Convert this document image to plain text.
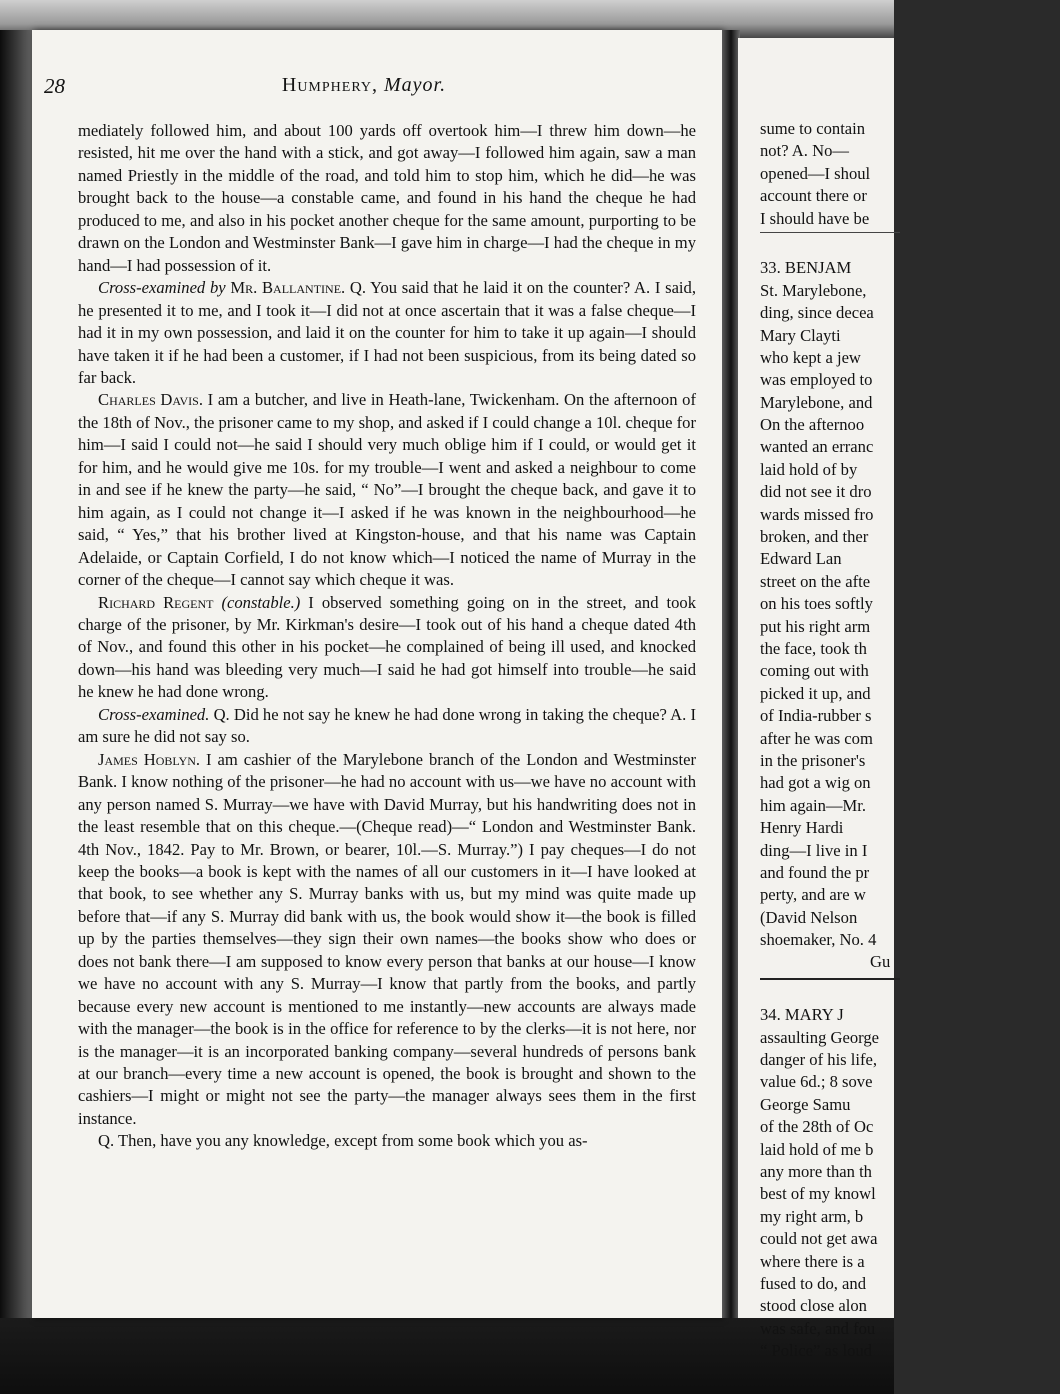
28	Humphery, Mayor.

mediately followed him, and about 100 yards off overtook him—I threw him down—he resisted, hit me over the hand with a stick, and got away—I followed him again, saw a man named Priestly in the middle of the road, and told him to stop him, which he did—he was brought back to the house—a constable came, and found in his hand the cheque he had produced to me, and also in his pocket another cheque for the same amount, purporting to be drawn on the London and Westminster Bank—I gave him in charge—I had the cheque in my hand—I had possession of it.

Cross-examined by Mr. Ballantine. Q. You said that he laid it on the counter? A. I said, he presented it to me, and I took it—I did not at once ascertain that it was a false cheque—I had it in my own possession, and laid it on the counter for him to take it up again—I should have taken it if he had been a customer, if I had not been suspicious, from its being dated so far back.

Charles Davis. I am a butcher, and live in Heath-lane, Twickenham. On the afternoon of the 18th of Nov., the prisoner came to my shop, and asked if I could change a 10l. cheque for him—I said I could not—he said I should very much oblige him if I could, or would get it for him, and he would give me 10s. for my trouble—I went and asked a neighbour to come in and see if he knew the party—he said, “ No”—I brought the cheque back, and gave it to him again, as I could not change it—I asked if he was known in the neighbourhood—he said, “ Yes,” that his brother lived at Kingston-house, and that his name was Captain Adelaide, or Captain Corfield, I do not know which—I noticed the name of Murray in the corner of the cheque—I cannot say which cheque it was.

Richard Regent (constable.) I observed something going on in the street, and took charge of the prisoner, by Mr. Kirkman's desire—I took out of his hand a cheque dated 4th of Nov., and found this other in his pocket—he complained of being ill used, and knocked down—his hand was bleeding very much—I said he had got himself into trouble—he said he knew he had done wrong.

Cross-examined. Q. Did he not say he knew he had done wrong in taking the cheque? A. I am sure he did not say so.

James Hoblyn. I am cashier of the Marylebone branch of the London and Westminster Bank. I know nothing of the prisoner—he had no account with us—we have no account with any person named S. Murray—we have with David Murray, but his handwriting does not in the least resemble that on this cheque.—(Cheque read)—“ London and Westminster Bank. 4th Nov., 1842. Pay to Mr. Brown, or bearer, 10l.—S. Murray.”) I pay cheques—I do not keep the books—a book is kept with the names of all our customers in it—I have looked at that book, to see whether any S. Murray banks with us, but my mind was quite made up before that—if any S. Murray did bank with us, the book would show it—the book is filled up by the parties themselves—they sign their own names—the books show who does or does not bank there—I am supposed to know every person that banks at our house—I know we have no account with any S. Murray—I know that partly from the books, and partly because every new account is mentioned to me instantly—new accounts are always made with the manager—the book is in the office for reference to by the clerks—it is not here, nor is the manager—it is an incorporated banking company—several hundreds of persons bank at our branch—every time a new account is opened, the book is brought and shown to the cashiers—I might or might not see the party—the manager always sees them in the first instance.

Q. Then, have you any knowledge, except from some book which you as-

sume to contain
not? A. No—
opened—I shoul
account there or
I should have be
33. BENJAM
St. Marylebone,
ding, since decea
Mary Clayti
who kept a jew
was employed to
Marylebone, and
On the afternoo
wanted an erranc
laid hold of by
did not see it dro
wards missed fro
broken, and ther
Edward Lan
street on the afte
on his toes softly
put his right arm
the face, took th
coming out with
picked it up, and
of India-rubber s
after he was com
in the prisoner's
had got a wig on
him again—Mr.
Henry Hardi
ding—I live in I
and found the pr
perty, and are w
(David Nelson
shoemaker, No. 4
Gu
34. MARY J
assaulting George
danger of his life,
value 6d.; 8 sove
George Samu
of the 28th of Oc
laid hold of me b
any more than th
best of my knowl
my right arm, b
could not get awa
where there is a
fused to do, and
stood close alon
was safe, and fou
“ Police” as loud
